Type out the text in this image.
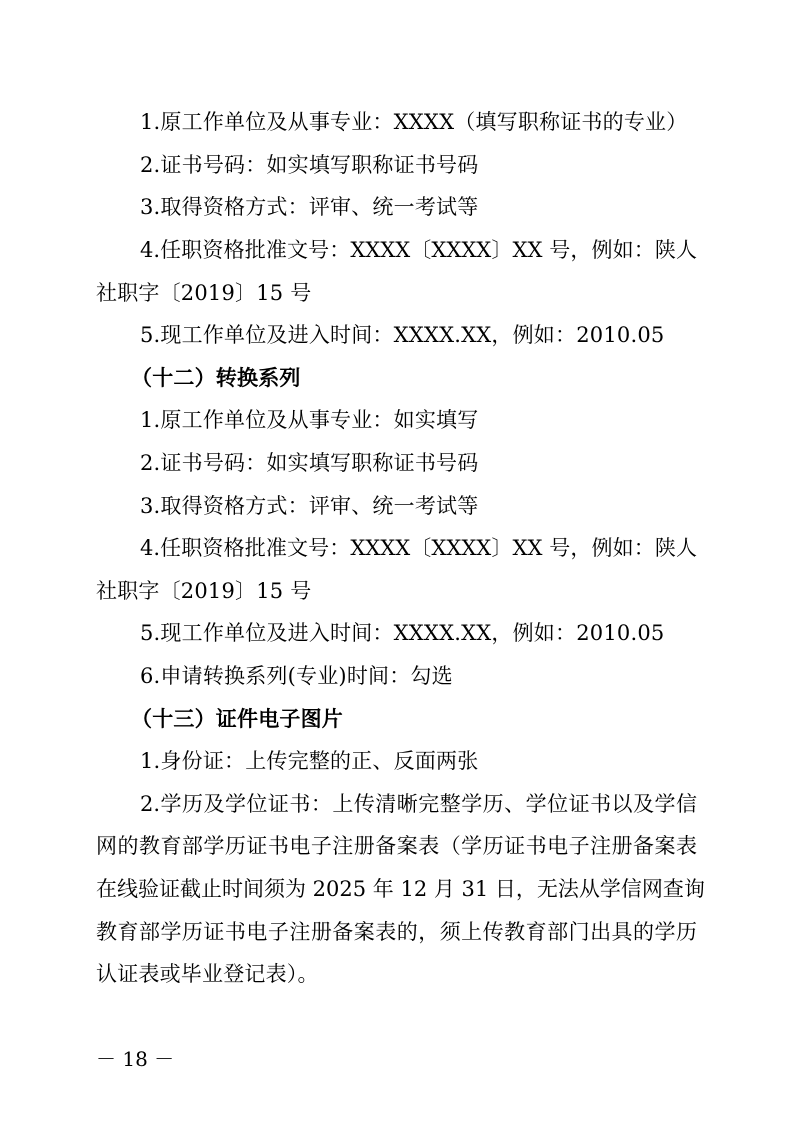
1.原工作单位及从事专业：XXXX（填写职称证书的专业）
2.证书号码：如实填写职称证书号码
3.取得资格方式：评审、统一考试等
4.任职资格批准文号：XXXX〔XXXX〕XX 号，例如：陕人
社职字〔2019〕15 号
5.现工作单位及进入时间：XXXX.XX，例如：2010.05
（十二）转换系列
1.原工作单位及从事专业：如实填写
2.证书号码：如实填写职称证书号码
3.取得资格方式：评审、统一考试等
4.任职资格批准文号：XXXX〔XXXX〕XX 号，例如：陕人
社职字〔2019〕15 号
5.现工作单位及进入时间：XXXX.XX，例如：2010.05
6.申请转换系列(专业)时间：勾选
（十三）证件电子图片
1.身份证：上传完整的正、反面两张
2.学历及学位证书：上传清晰完整学历、学位证书以及学信
网的教育部学历证书电子注册备案表（学历证书电子注册备案表
在线验证截止时间须为 2025 年 12 月 31 日，无法从学信网查询
教育部学历证书电子注册备案表的，须上传教育部门出具的学历
认证表或毕业登记表）。
－ 18 －
